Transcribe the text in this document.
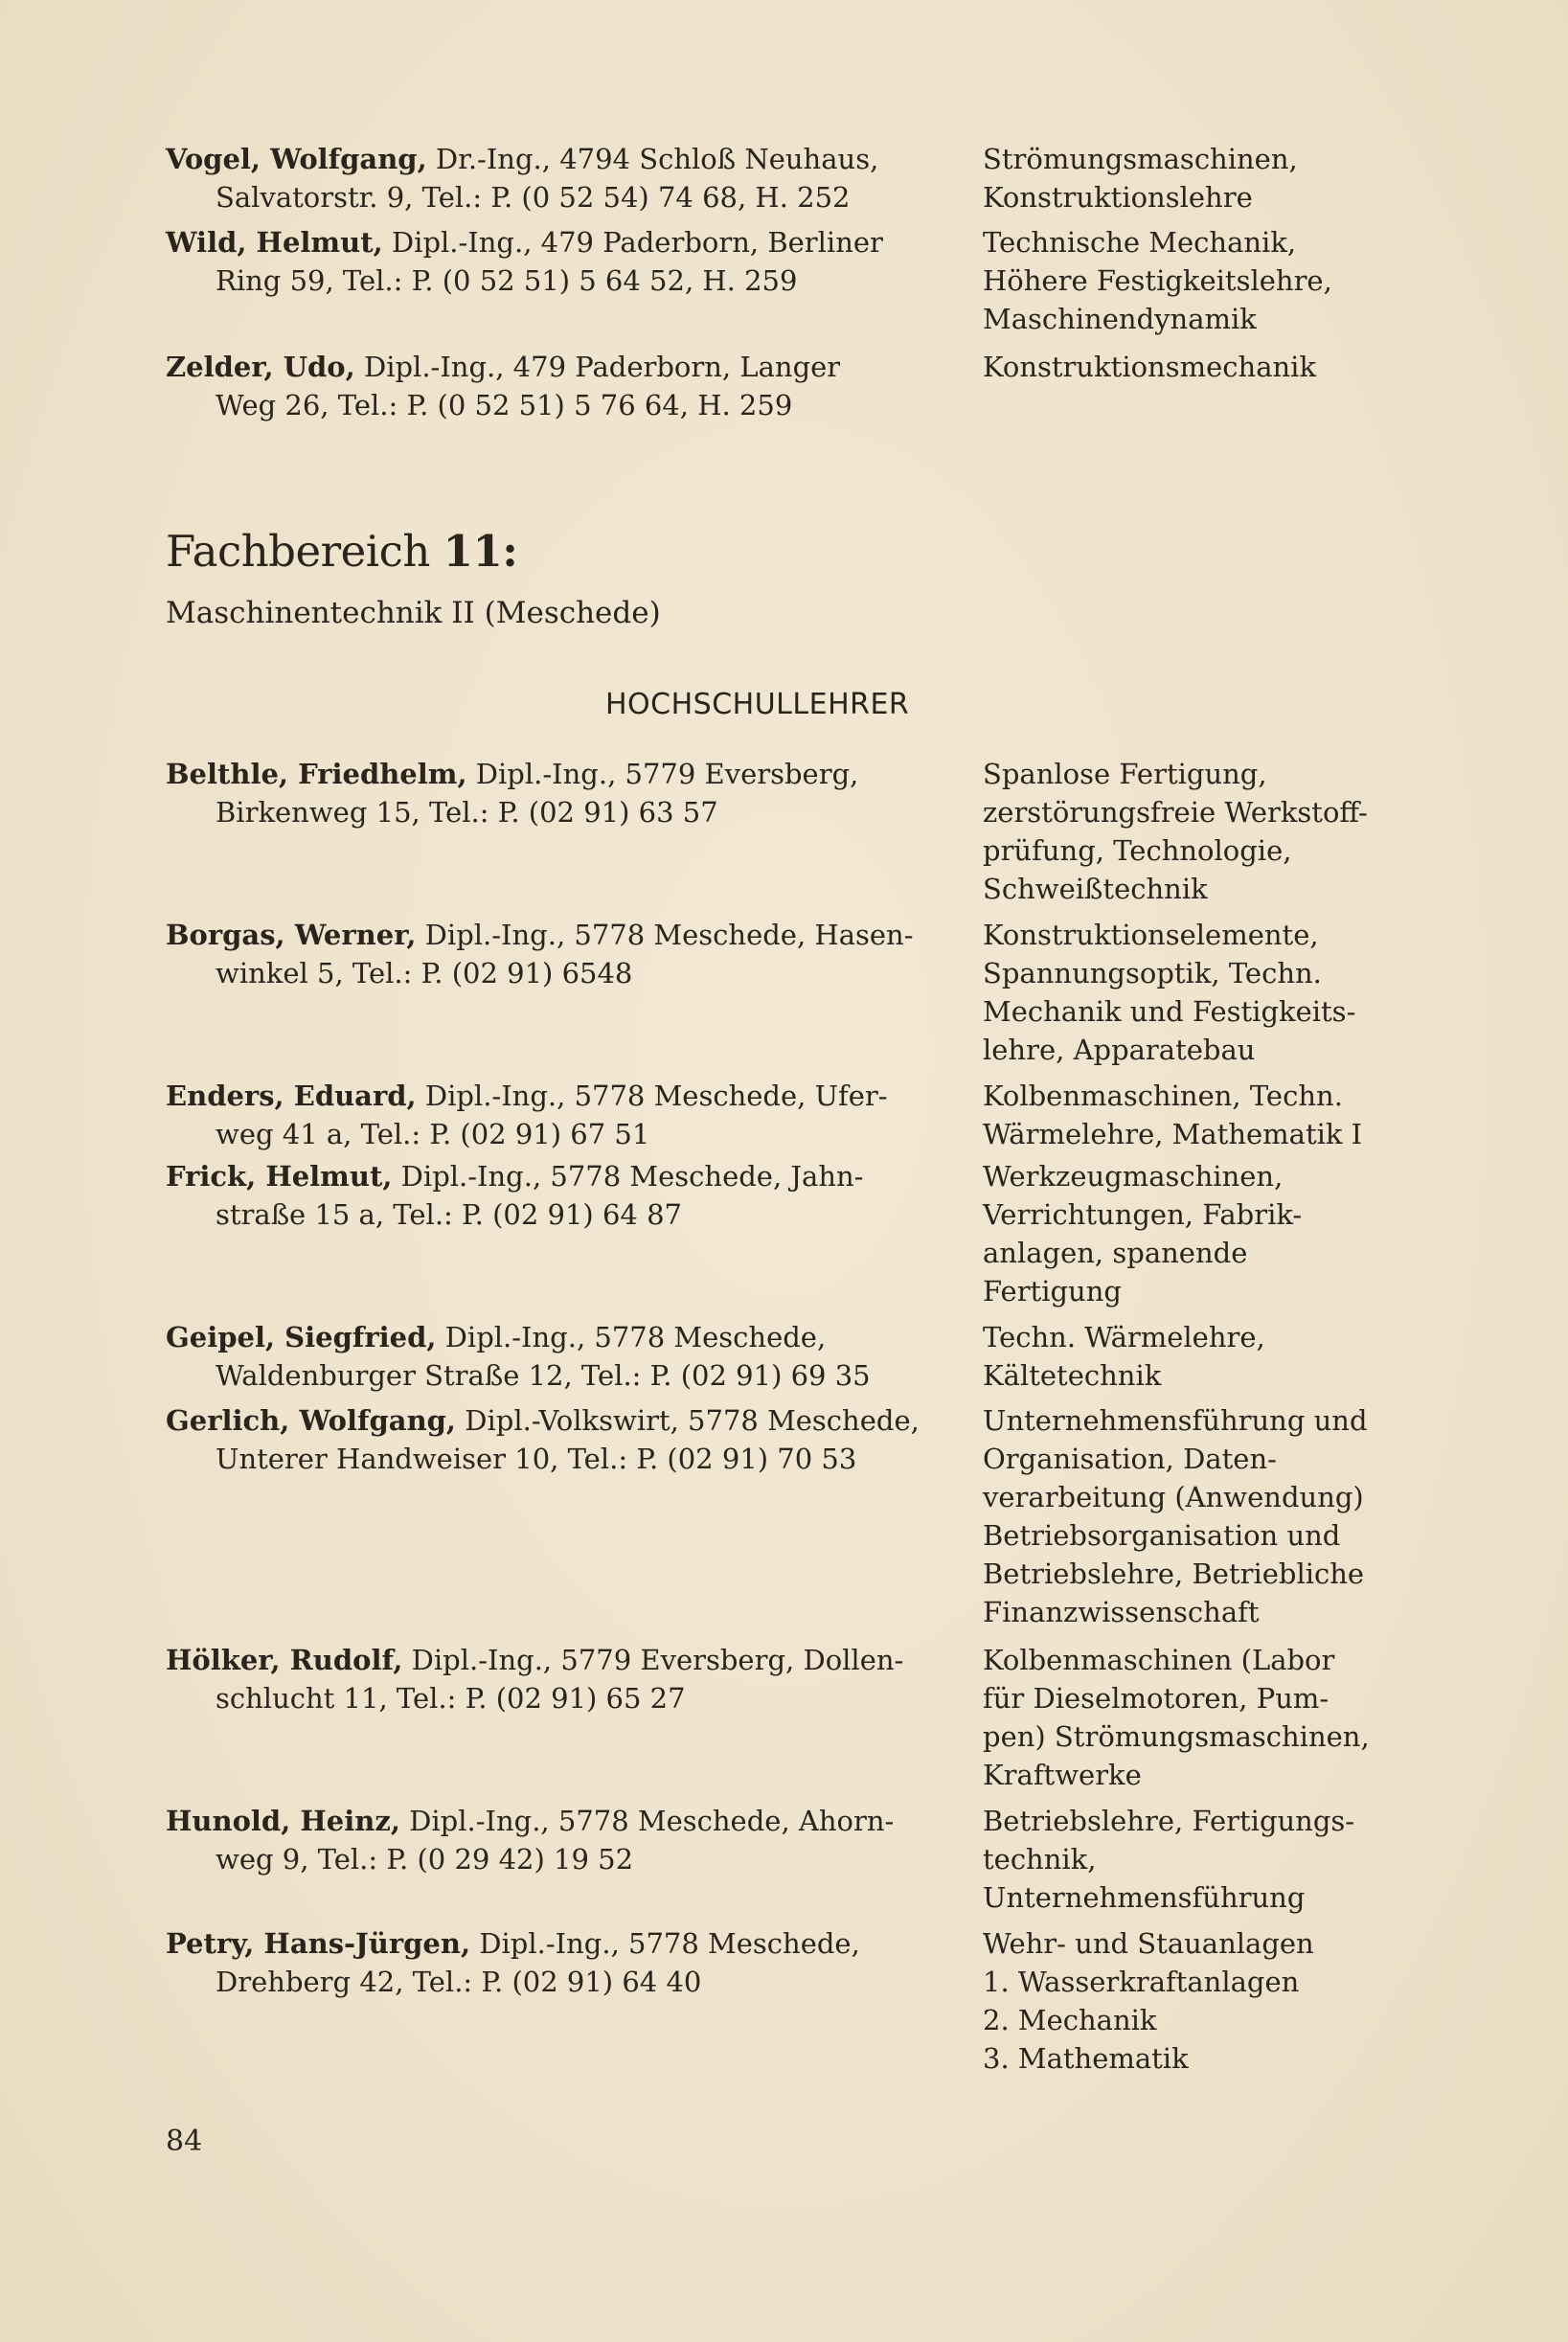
Vogel, Wolfgang, Dr.-Ing., 4794 Schloß Neuhaus,
Salvatorstr. 9, Tel.: P. (0 52 54) 74 68, H. 252
Strömungsmaschinen,
Konstruktionslehre
Wild, Helmut, Dipl.-Ing., 479 Paderborn, Berliner
Ring 59, Tel.: P. (0 52 51) 5 64 52, H. 259
Technische Mechanik,
Höhere Festigkeitslehre,
Maschinendynamik
Zelder, Udo, Dipl.-Ing., 479 Paderborn, Langer
Weg 26, Tel.: P. (0 52 51) 5 76 64, H. 259
Konstruktionsmechanik
Fachbereich 11:
Maschinentechnik II (Meschede)
HOCHSCHULLEHRER
Belthle, Friedhelm, Dipl.-Ing., 5779 Eversberg,
Birkenweg 15, Tel.: P. (02 91) 63 57
Spanlose Fertigung,
zerstörungsfreie Werkstoff-
prüfung, Technologie,
Schweißtechnik
Borgas, Werner, Dipl.-Ing., 5778 Meschede, Hasen-
winkel 5, Tel.: P. (02 91) 6548
Konstruktionselemente,
Spannungsoptik, Techn.
Mechanik und Festigkeits-
lehre, Apparatebau
Enders, Eduard, Dipl.-Ing., 5778 Meschede, Ufer-
weg 41 a, Tel.: P. (02 91) 67 51
Kolbenmaschinen, Techn.
Wärmelehre, Mathematik I
Frick, Helmut, Dipl.-Ing., 5778 Meschede, Jahn-
straße 15 a, Tel.: P. (02 91) 64 87
Werkzeugmaschinen,
Verrichtungen, Fabrik-
anlagen, spanende
Fertigung
Geipel, Siegfried, Dipl.-Ing., 5778 Meschede,
Waldenburger Straße 12, Tel.: P. (02 91) 69 35
Techn. Wärmelehre,
Kältetechnik
Gerlich, Wolfgang, Dipl.-Volkswirt, 5778 Meschede,
Unterer Handweiser 10, Tel.: P. (02 91) 70 53
Unternehmensführung und
Organisation, Daten-
verarbeitung (Anwendung)
Betriebsorganisation und
Betriebslehre, Betriebliche
Finanzwissenschaft
Hölker, Rudolf, Dipl.-Ing., 5779 Eversberg, Dollen-
schlucht 11, Tel.: P. (02 91) 65 27
Kolbenmaschinen (Labor
für Dieselmotoren, Pum-
pen) Strömungsmaschinen,
Kraftwerke
Hunold, Heinz, Dipl.-Ing., 5778 Meschede, Ahorn-
weg 9, Tel.: P. (0 29 42) 19 52
Betriebslehre, Fertigungs-
technik,
Unternehmensführung
Petry, Hans-Jürgen, Dipl.-Ing., 5778 Meschede,
Drehberg 42, Tel.: P. (02 91) 64 40
Wehr- und Stauanlagen
1. Wasserkraftanlagen
2. Mechanik
3. Mathematik
84
